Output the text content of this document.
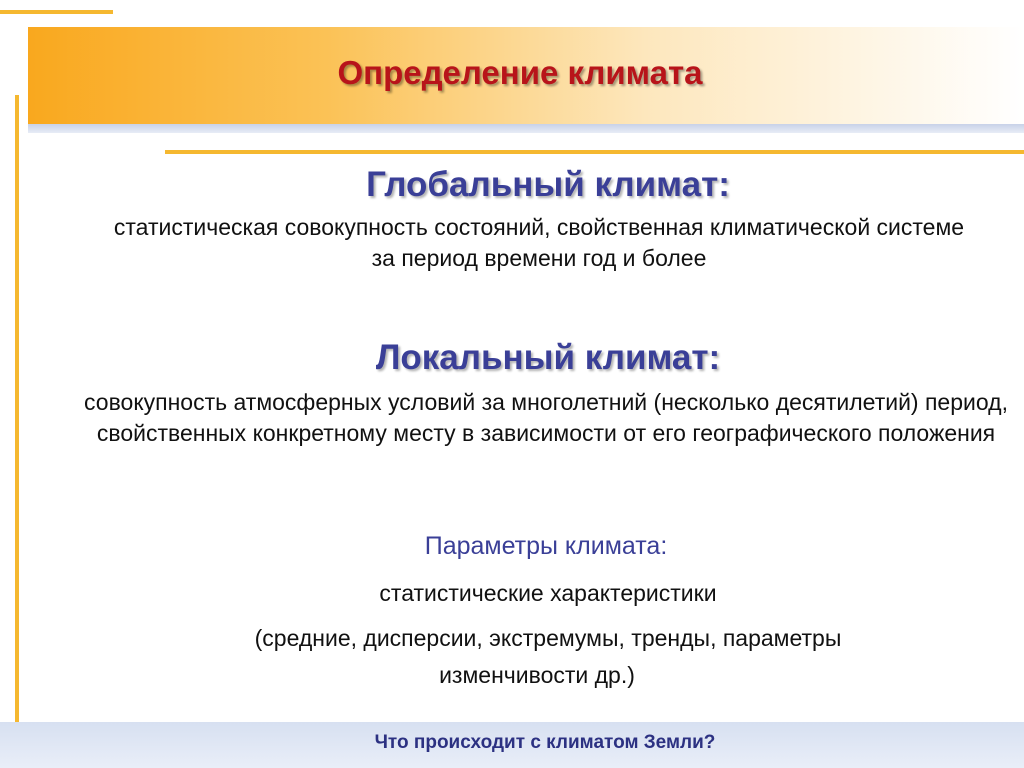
Определение климата
Глобальный климат:
статистическая совокупность состояний, свойственная климатической системе за период времени год и более
Локальный климат:
совокупность атмосферных условий за многолетний (несколько десятилетий) период, свойственных конкретному месту в зависимости от его географического положения
Параметры климата:
статистические характеристики
(средние, дисперсии, экстремумы, тренды, параметры
изменчивости др.)
Что происходит с климатом Земли?
